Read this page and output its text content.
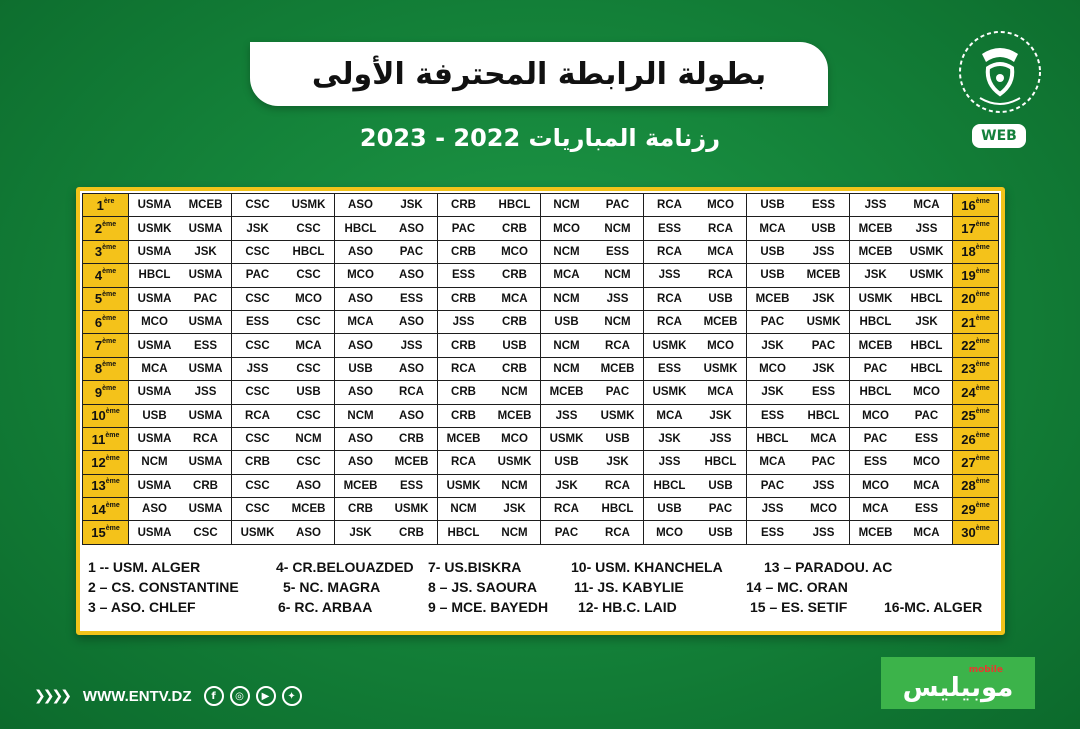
بطولة الرابطة المحترفة الأولى
رزنامة المباريات 2022 - 2023	WEB
1ère	USMA	MCEB	CSC	USMK	ASO	JSK	CRB	HBCL	NCM	PAC	RCA	MCO	USB	ESS	JSS	MCA	16ème
2ème	USMK	USMA	JSK	CSC	HBCL	ASO	PAC	CRB	MCO	NCM	ESS	RCA	MCA	USB	MCEB	JSS	17ème
3ème	USMA	JSK	CSC	HBCL	ASO	PAC	CRB	MCO	NCM	ESS	RCA	MCA	USB	JSS	MCEB	USMK	18ème
4ème	HBCL	USMA	PAC	CSC	MCO	ASO	ESS	CRB	MCA	NCM	JSS	RCA	USB	MCEB	JSK	USMK	19ème
5ème	USMA	PAC	CSC	MCO	ASO	ESS	CRB	MCA	NCM	JSS	RCA	USB	MCEB	JSK	USMK	HBCL	20ème
6ème	MCO	USMA	ESS	CSC	MCA	ASO	JSS	CRB	USB	NCM	RCA	MCEB	PAC	USMK	HBCL	JSK	21ème
7ème	USMA	ESS	CSC	MCA	ASO	JSS	CRB	USB	NCM	RCA	USMK	MCO	JSK	PAC	MCEB	HBCL	22ème
8ème	MCA	USMA	JSS	CSC	USB	ASO	RCA	CRB	NCM	MCEB	ESS	USMK	MCO	JSK	PAC	HBCL	23ème
9ème	USMA	JSS	CSC	USB	ASO	RCA	CRB	NCM	MCEB	PAC	USMK	MCA	JSK	ESS	HBCL	MCO	24ème
10ème	USB	USMA	RCA	CSC	NCM	ASO	CRB	MCEB	JSS	USMK	MCA	JSK	ESS	HBCL	MCO	PAC	25ème
11ème	USMA	RCA	CSC	NCM	ASO	CRB	MCEB	MCO	USMK	USB	JSK	JSS	HBCL	MCA	PAC	ESS	26ème
12ème	NCM	USMA	CRB	CSC	ASO	MCEB	RCA	USMK	USB	JSK	JSS	HBCL	MCA	PAC	ESS	MCO	27ème
13ème	USMA	CRB	CSC	ASO	MCEB	ESS	USMK	NCM	JSK	RCA	HBCL	USB	PAC	JSS	MCO	MCA	28ème
14ème	ASO	USMA	CSC	MCEB	CRB	USMK	NCM	JSK	RCA	HBCL	USB	PAC	JSS	MCO	MCA	ESS	29ème
15ème	USMA	CSC	USMK	ASO	JSK	CRB	HBCL	NCM	PAC	RCA	MCO	USB	ESS	JSS	MCEB	MCA	30ème
1 -- USM. ALGER	4- CR.BELOUAZDED 7- US.BISKRA	10- USM. KHANCHELA	13 – PARADOU. AC
2 – CS. CONSTANTINE	5- NC. MAGRA	8 – JS. SAOURA	11- JS. KABYLIE	14 – MC. ORAN
3 – ASO. CHLEF	6- RC. ARBAA	9 – MCE. BAYEDH 12- HB.C. LAID	15 – ES. SETIF	16-MC. ALGER
❯❯❯❯ WWW.ENTV.DZ	f	◎	▶	✦
mobile
موبيليس
